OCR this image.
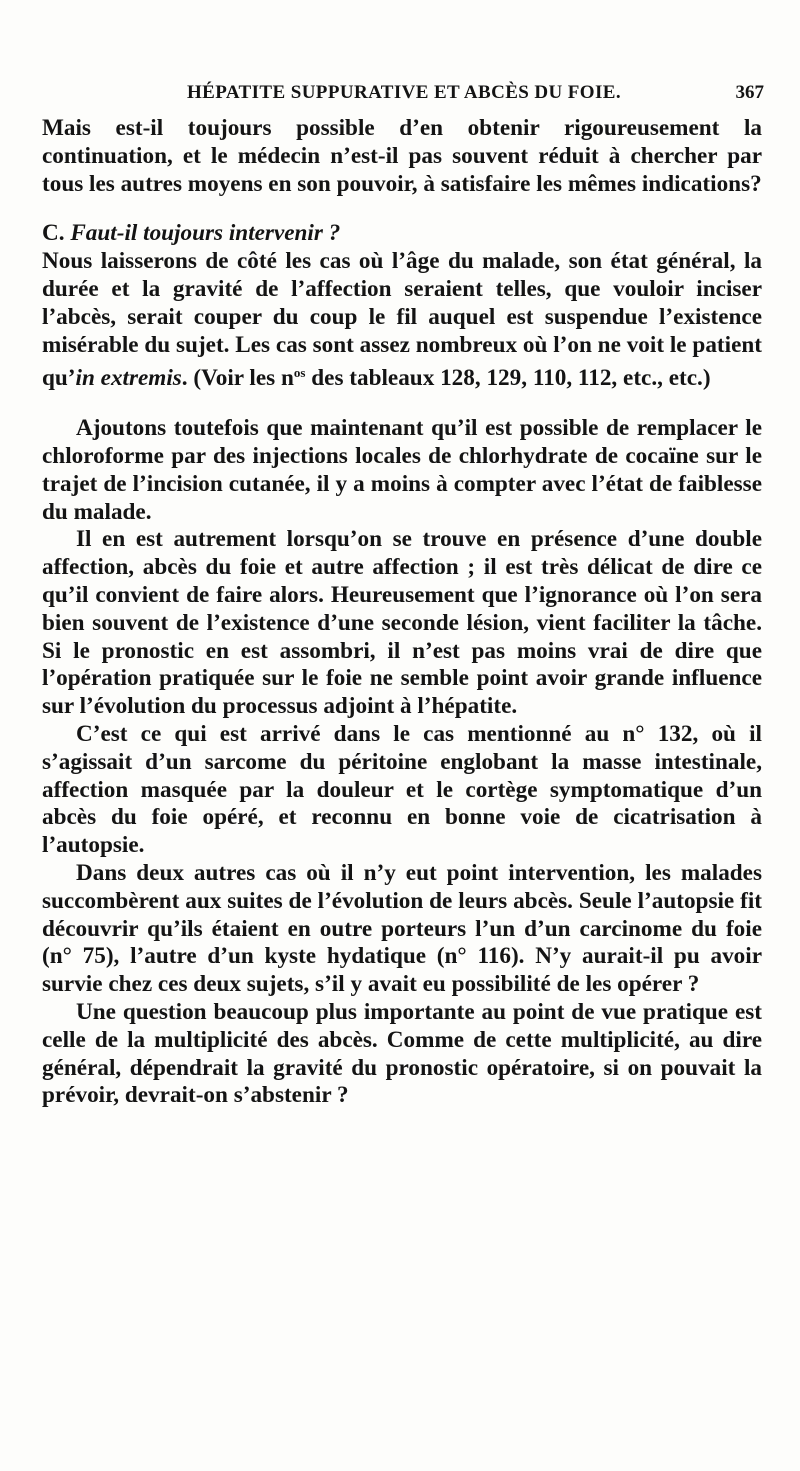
HÉPATITE SUPPURATIVE ET ABCÈS DU FOIE.	367

Mais est-il toujours possible d’en obtenir rigoureusement la continuation, et le médecin n’est-il pas souvent réduit à chercher par tous les autres moyens en son pouvoir, à satisfaire les mêmes indications?

C. Faut-il toujours intervenir ?

Nous laisserons de côté les cas où l’âge du malade, son état général, la durée et la gravité de l’affection seraient telles, que vouloir inciser l’abcès, serait couper du coup le fil auquel est suspendue l’existence misérable du sujet. Les cas sont assez nombreux où l’on ne voit le patient qu’in extremis. (Voir les $n^{os}$ des tableaux 128, 129, 110, 112, etc., etc.)

Ajoutons toutefois que maintenant qu’il est possible de remplacer le chloroforme par des injections locales de chlorhydrate de cocaïne sur le trajet de l’incision cutanée, il y a moins à compter avec l’état de faiblesse du malade.

Il en est autrement lorsqu’on se trouve en présence d’une double affection, abcès du foie et autre affection ; il est très délicat de dire ce qu’il convient de faire alors. Heureusement que l’ignorance où l’on sera bien souvent de l’existence d’une seconde lésion, vient faciliter la tâche. Si le pronostic en est assombri, il n’est pas moins vrai de dire que l’opération pratiquée sur le foie ne semble point avoir grande influence sur l’évolution du processus adjoint à l’hépatite.

C’est ce qui est arrivé dans le cas mentionné au n° 132, où il s’agissait d’un sarcome du péritoine englobant la masse intestinale, affection masquée par la douleur et le cortège symptomatique d’un abcès du foie opéré, et reconnu en bonne voie de cicatrisation à l’autopsie.

Dans deux autres cas où il n’y eut point intervention, les malades succombèrent aux suites de l’évolution de leurs abcès. Seule l’autopsie fit découvrir qu’ils étaient en outre porteurs l’un d’un carcinome du foie (n° 75), l’autre d’un kyste hydatique (n° 116). N’y aurait-il pu avoir survie chez ces deux sujets, s’il y avait eu possibilité de les opérer ?

Une question beaucoup plus importante au point de vue pratique est celle de la multiplicité des abcès. Comme de cette multiplicité, au dire général, dépendrait la gravité du pronostic opératoire, si on pouvait la prévoir, devrait-on s’abstenir ?
